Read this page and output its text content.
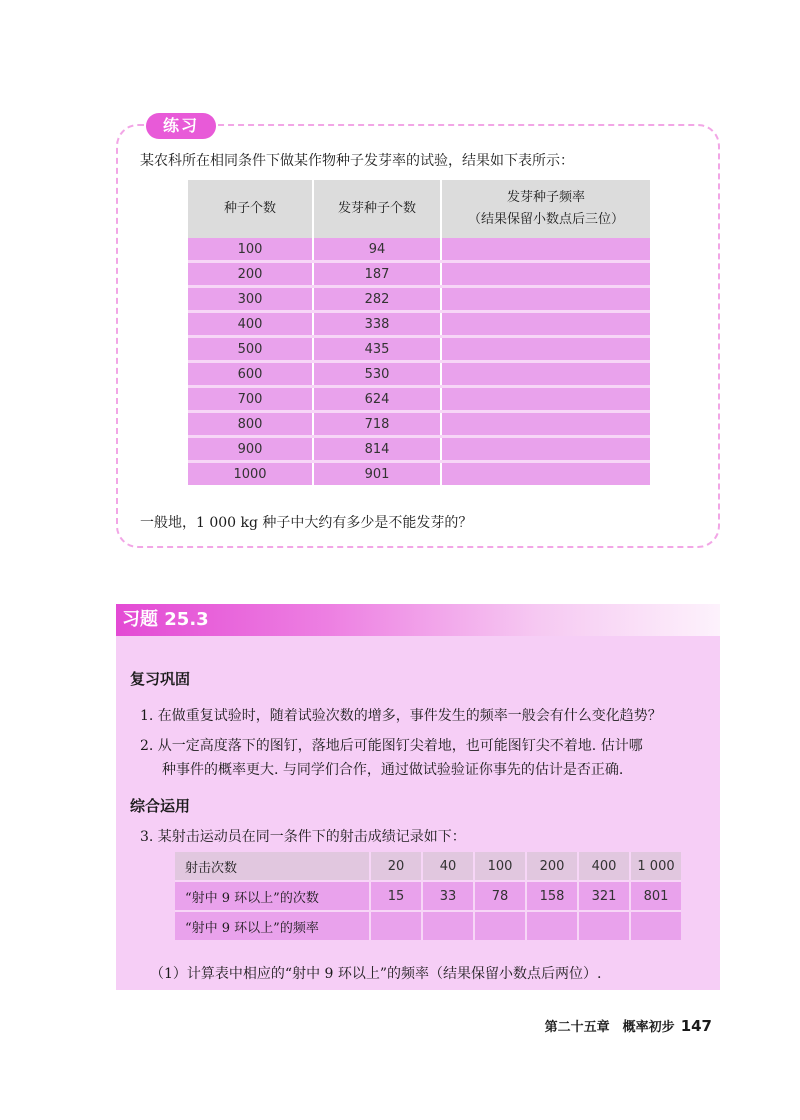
练习
某农科所在相同条件下做某作物种子发芽率的试验，结果如下表所示：
种子个数	发芽种子个数	发芽种子频率
（结果保留小数点后三位）

100	94	
200	187	
300	282	
400	338	
500	435	
600	530	
700	624	
800	718	
900	814	
1000	901	
一般地，1 000 kg 种子中大约有多少是不能发芽的？
习题 25.3
复习巩固
1. 在做重复试验时，随着试验次数的增多，事件发生的频率一般会有什么变化趋势？
2. 从一定高度落下的图钉，落地后可能图钉尖着地，也可能图钉尖不着地. 估计哪
种事件的概率更大. 与同学们合作，通过做试验验证你事先的估计是否正确.
综合运用
3. 某射击运动员在同一条件下的射击成绩记录如下：
射击次数	20	40	100	200	400	1 000
“射中 9 环以上”的次数	15	33	78	158	321	801
“射中 9 环以上”的频率						
（1）计算表中相应的“射中 9 环以上”的频率（结果保留小数点后两位）.
第二十五章　概率初步 147
